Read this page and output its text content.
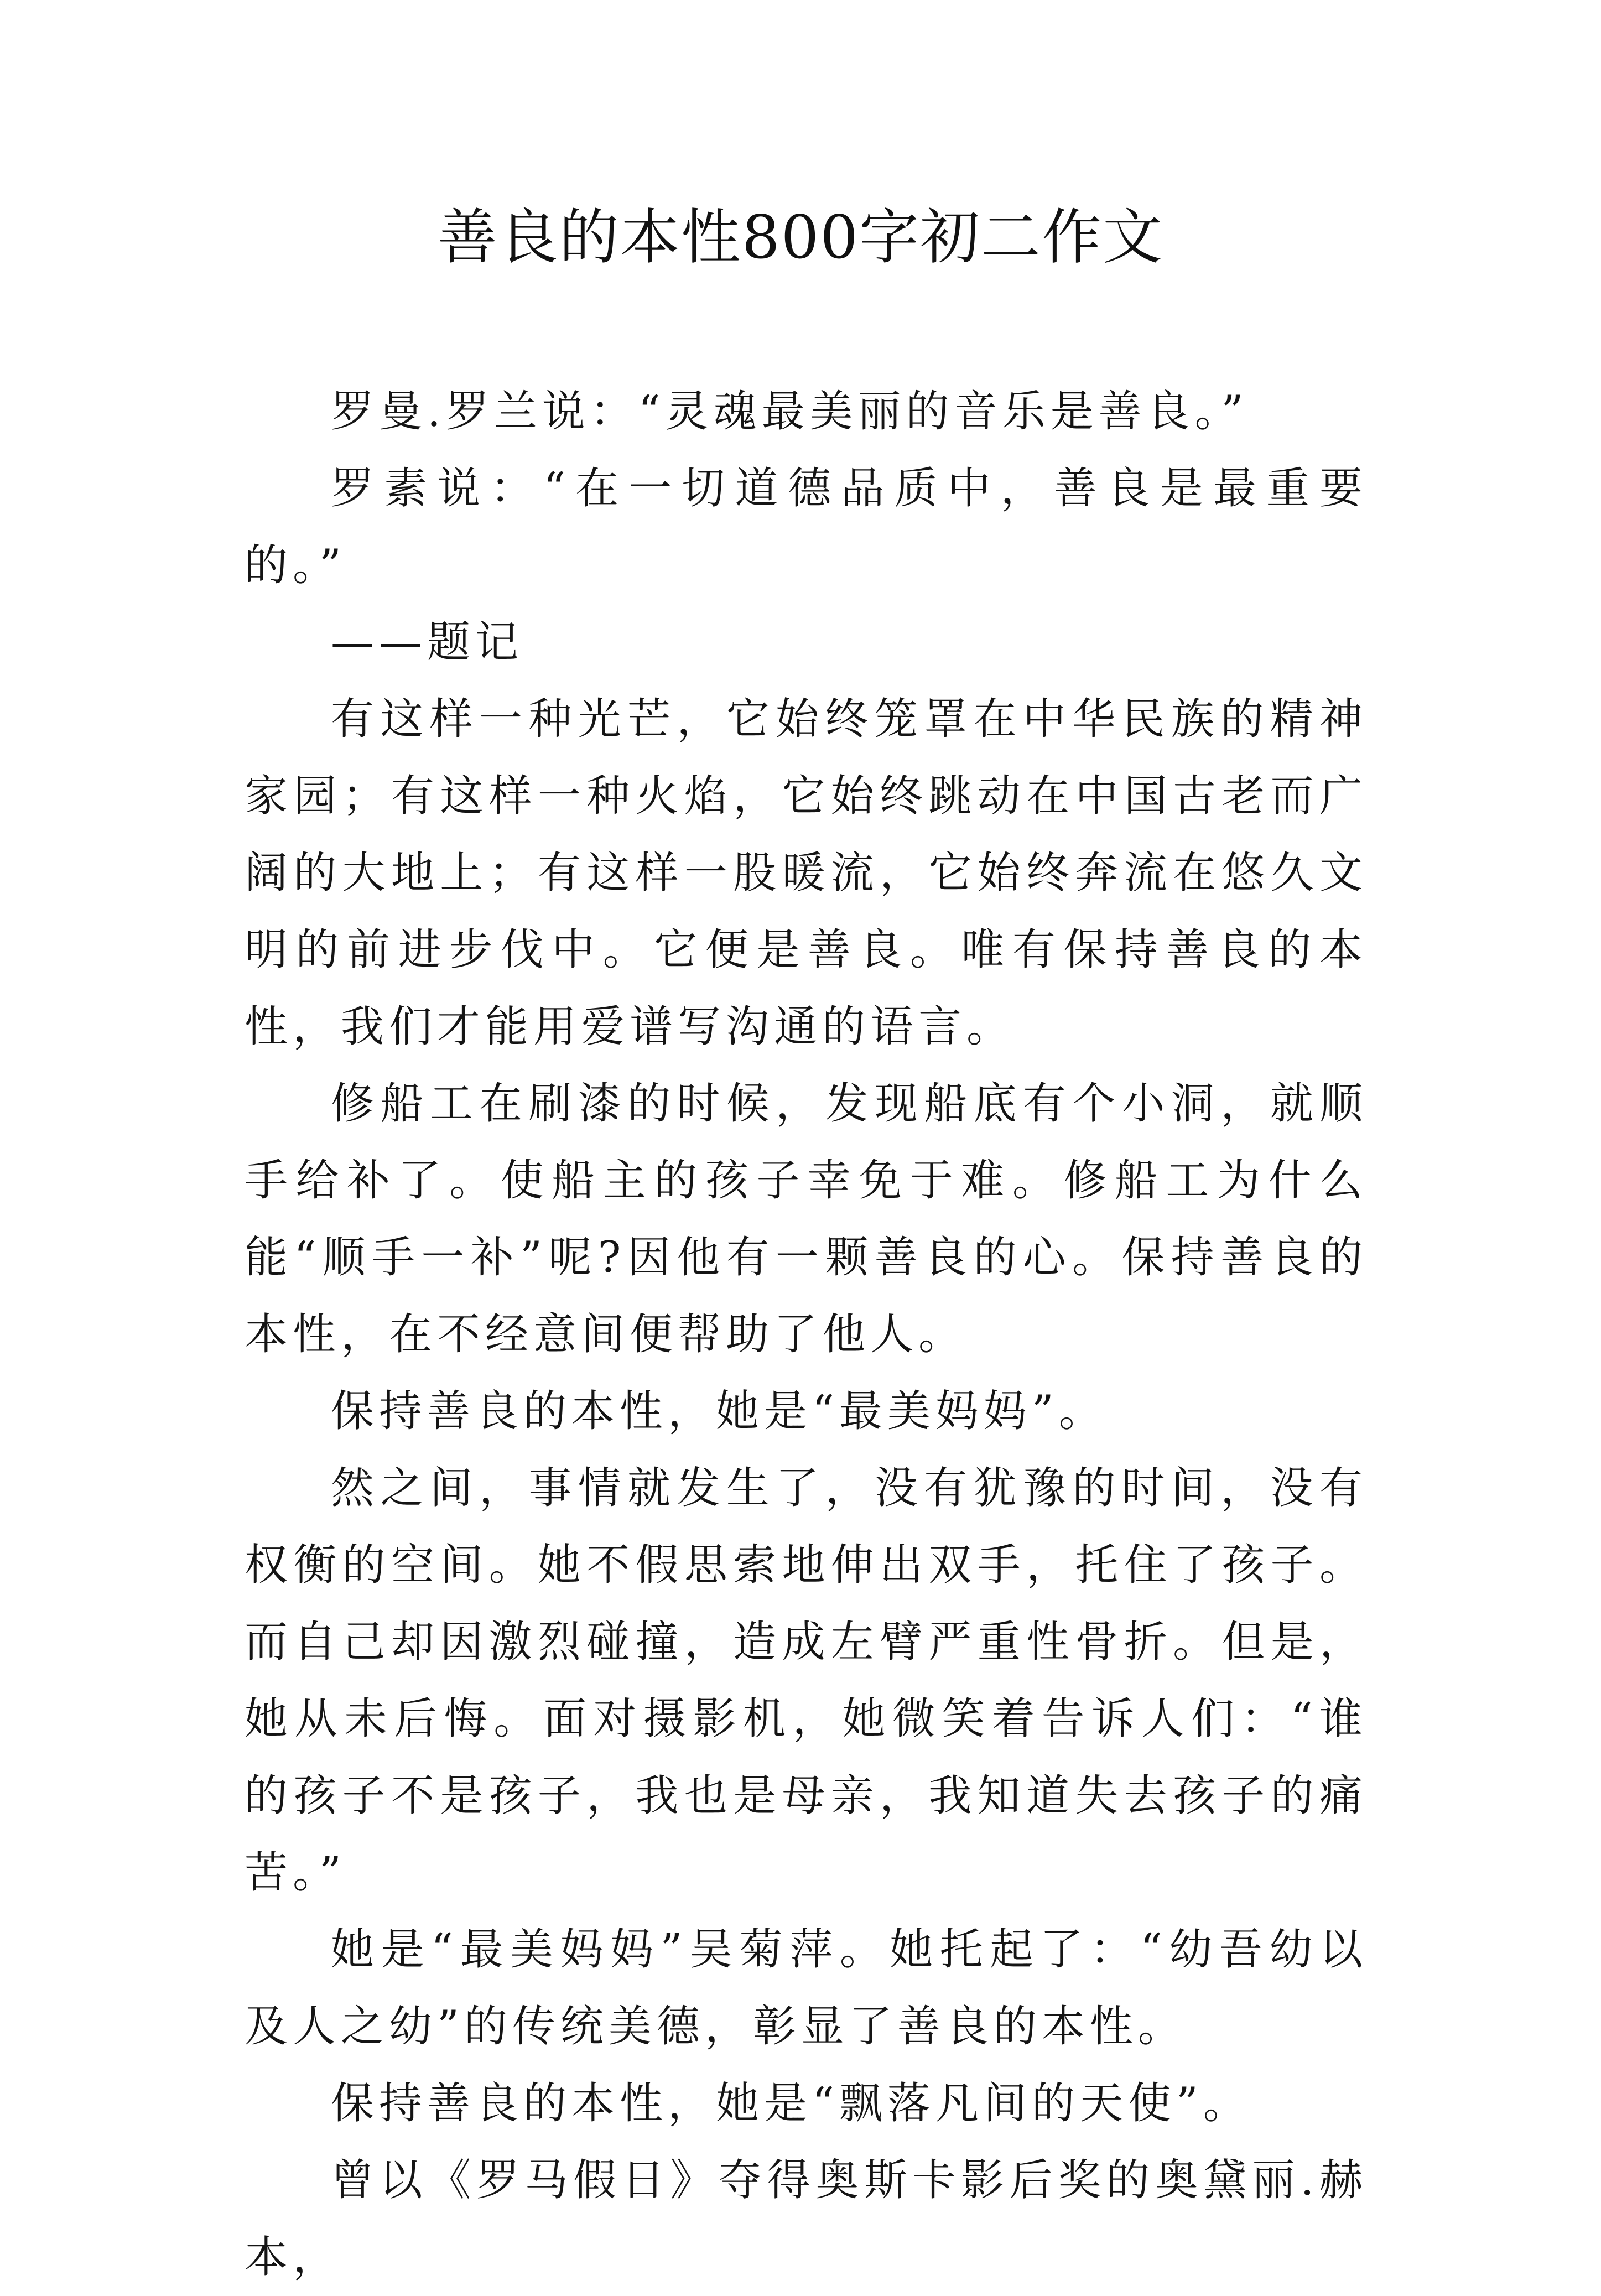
善良的本性800字初二作文

罗曼.罗兰说：“灵魂最美丽的音乐是善良。”

罗素说：“在一切道德品质中，善良是最重要的。”

——题记

有这样一种光芒，它始终笼罩在中华民族的精神家园；有这样一种火焰，它始终跳动在中国古老而广阔的大地上；有这样一股暖流，它始终奔流在悠久文明的前进步伐中。它便是善良。唯有保持善良的本性，我们才能用爱谱写沟通的语言。

修船工在刷漆的时候，发现船底有个小洞，就顺手给补了。使船主的孩子幸免于难。修船工为什么能“顺手一补”呢?因他有一颗善良的心。保持善良的本性，在不经意间便帮助了他人。

保持善良的本性，她是“最美妈妈”。

然之间，事情就发生了，没有犹豫的时间，没有权衡的空间。她不假思索地伸出双手，托住了孩子。而自己却因激烈碰撞，造成左臂严重性骨折。但是，她从未后悔。面对摄影机，她微笑着告诉人们：“谁的孩子不是孩子，我也是母亲，我知道失去孩子的痛苦。”

她是“最美妈妈”吴菊萍。她托起了：“幼吾幼以及人之幼”的传统美德，彰显了善良的本性。

保持善良的本性，她是“飘落凡间的天使”。

曾以《罗马假日》夺得奥斯卡影后奖的奥黛丽.赫本，
